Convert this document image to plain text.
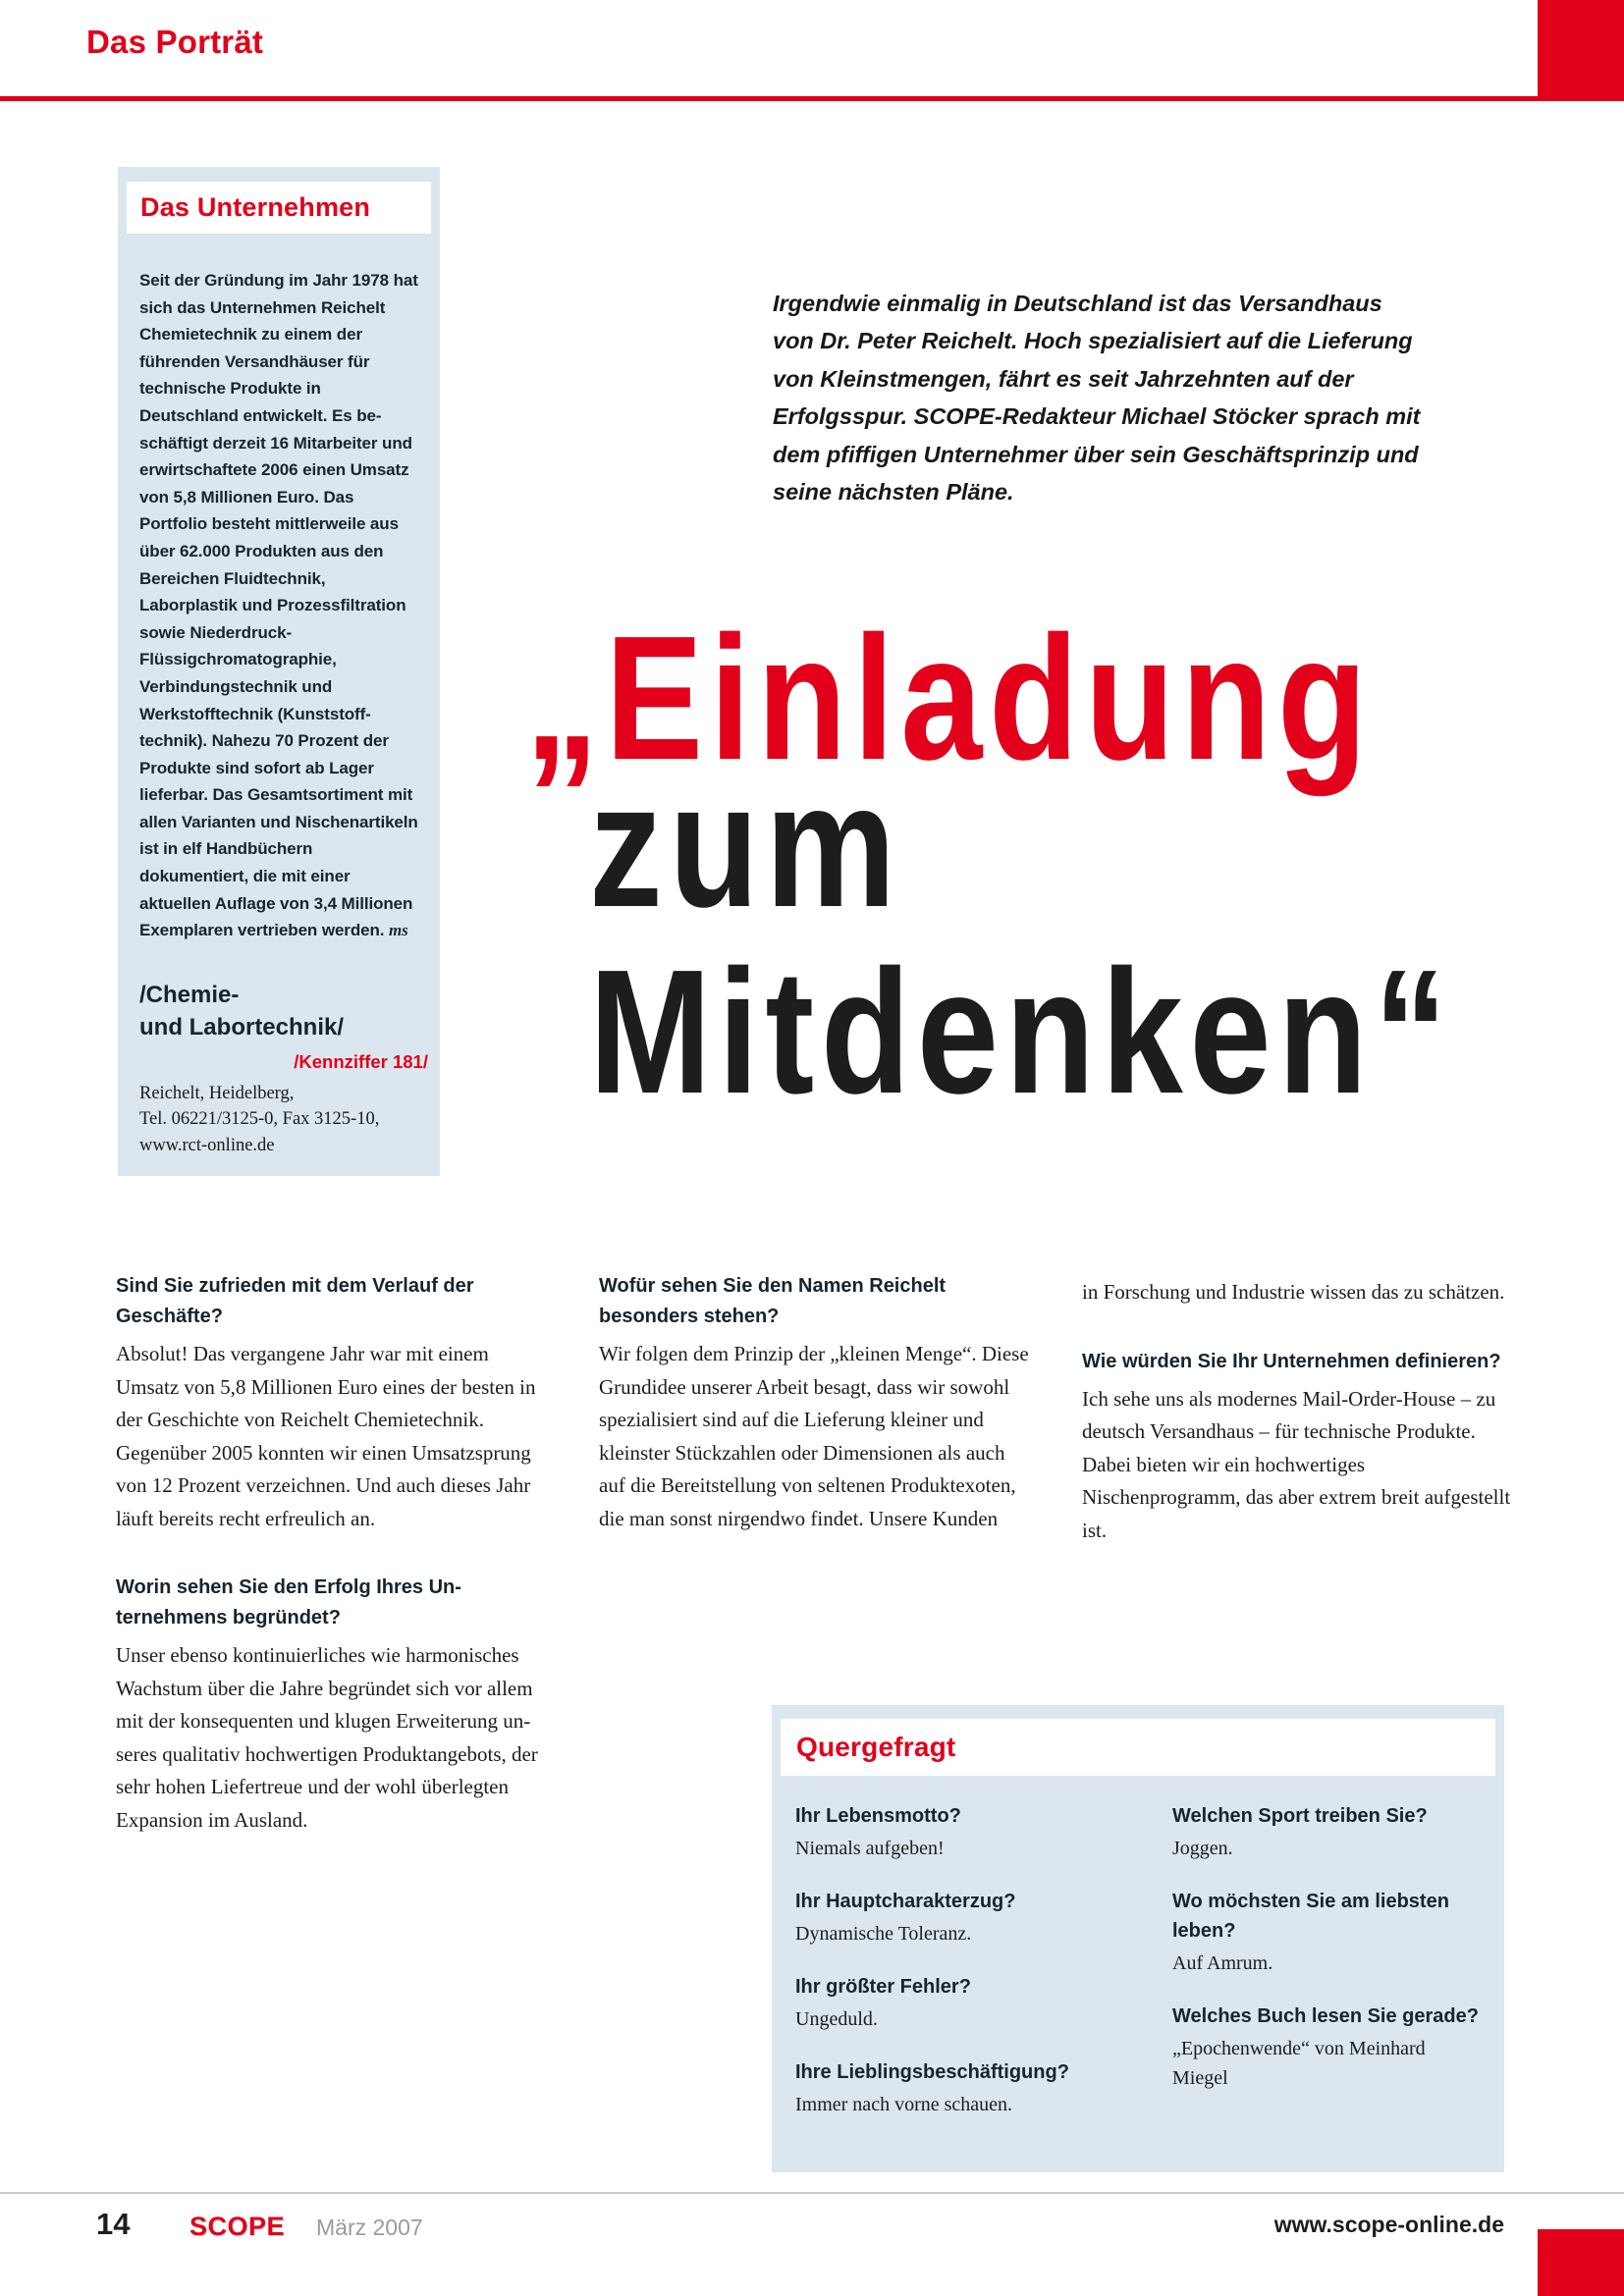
Das Porträt
Das Unternehmen

Seit der Gründung im Jahr 1978 hat sich das Unternehmen Reichelt Chemietechnik zu einem der führenden Versandhäuser für technische Produkte in Deutschland entwickelt. Es beschäftigt derzeit 16 Mitarbeiter und erwirtschaftete 2006 einen Umsatz von 5,8 Millionen Euro. Das Portfolio besteht mittlerweile aus über 62.000 Produkten aus den Bereichen Fluidtechnik, Laborplastik und Prozessfiltration sowie Niederdruck-Flüssigchromatographie, Verbindungstechnik und Werkstofftechnik (Kunststofftechnik). Nahezu 70 Prozent der Produkte sind sofort ab Lager lieferbar. Das Gesamtsortiment mit allen Varianten und Nischenartikeln ist in elf Handbüchern dokumentiert, die mit einer aktuellen Auflage von 3,4 Millionen Exemplaren vertrieben werden. ms

/Chemie-
und Labortechnik/
/Kennziffer 181/
Reichelt, Heidelberg,
Tel. 06221/3125-0, Fax 3125-10,
www.rct-online.de

Irgendwie einmalig in Deutschland ist das Versandhaus von Dr. Peter Reichelt. Hoch spezialisiert auf die Lieferung von Kleinstmengen, fährt es seit Jahrzehnten auf der Erfolgsspur. SCOPE-Redakteur Michael Stöcker sprach mit dem pfiffigen Unternehmer über sein Geschäftsprinzip und seine nächsten Pläne.

„Einladung
zum
Mitdenken“

Sind Sie zufrieden mit dem Verlauf der Geschäfte?

Absolut! Das vergangene Jahr war mit einem Umsatz von 5,8 Millionen Euro eines der besten in der Geschichte von Reichelt Chemietechnik. Gegenüber 2005 konnten wir einen Umsatzsprung von 12 Prozent verzeichnen. Und auch dieses Jahr läuft bereits recht erfreulich an.

Worin sehen Sie den Erfolg Ihres Unternehmens begründet?

Unser ebenso kontinuierliches wie harmonisches Wachstum über die Jahre begründet sich vor allem mit der konsequenten und klugen Erweiterung unseres qualitativ hochwertigen Produktangebots, der sehr hohen Liefertreue und der wohl überlegten Expansion im Ausland.

Wofür sehen Sie den Namen Reichelt besonders stehen?

Wir folgen dem Prinzip der „kleinen Menge“. Diese Grundidee unserer Arbeit besagt, dass wir sowohl spezialisiert sind auf die Lieferung kleiner und kleinster Stückzahlen oder Dimensionen als auch auf die Bereitstellung von seltenen Produktexoten, die man sonst nirgendwo findet. Unsere Kunden

in Forschung und Industrie wissen das zu schätzen.

Wie würden Sie Ihr Unternehmen definieren?

Ich sehe uns als modernes Mail-Order-House – zu deutsch Versandhaus – für technische Produkte. Dabei bieten wir ein hochwertiges Nischenprogramm, das aber extrem breit aufgestellt ist.

Quergefragt

Ihr Lebensmotto?

Niemals aufgeben!

Ihr Hauptcharakterzug?

Dynamische Toleranz.

Ihr größter Fehler?

Ungeduld.

Ihre Lieblingsbeschäftigung?

Immer nach vorne schauen.

Welchen Sport treiben Sie?

Joggen.

Wo möchsten Sie am liebsten leben?

Auf Amrum.

Welches Buch lesen Sie gerade?

„Epochenwende“ von Meinhard Miegel

14 SCOPE März 2007	www.scope-online.de
